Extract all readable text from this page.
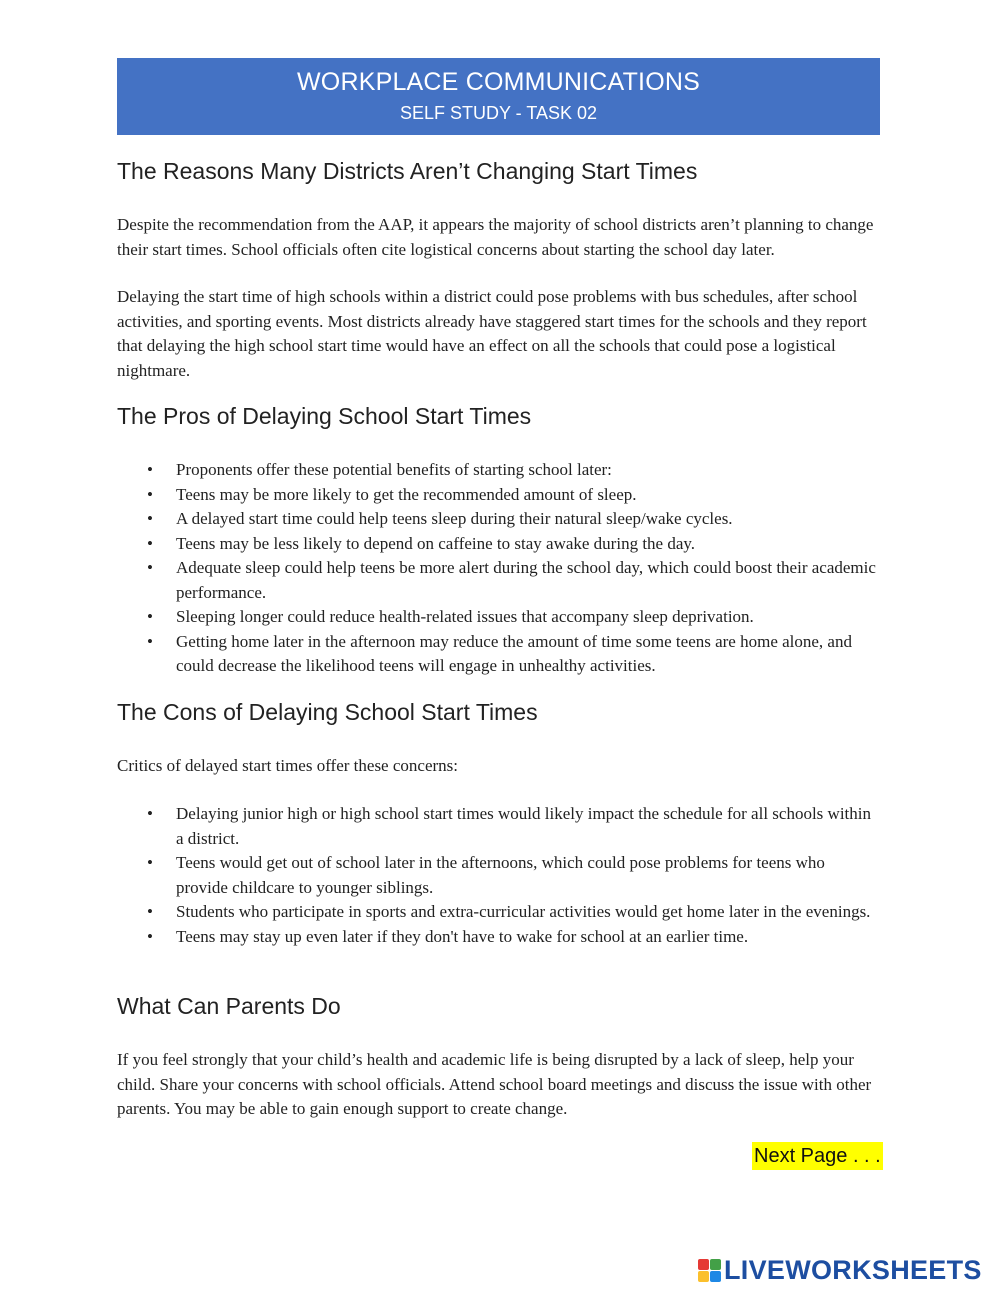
WORKPLACE COMMUNICATIONS
SELF STUDY - TASK 02
The Reasons Many Districts Aren’t Changing Start Times

Despite the recommendation from the AAP, it appears the majority of school districts aren’t planning to change their start times. School officials often cite logistical concerns about starting the school day later.

Delaying the start time of high schools within a district could pose problems with bus schedules, after school activities, and sporting events. Most districts already have staggered start times for the schools and they report that delaying the high school start time would have an effect on all the schools that could pose a logistical nightmare.

The Pros of Delaying School Start Times
• Proponents offer these potential benefits of starting school later:
• Teens may be more likely to get the recommended amount of sleep.
• A delayed start time could help teens sleep during their natural sleep/wake cycles.
• Teens may be less likely to depend on caffeine to stay awake during the day.
• Adequate sleep could help teens be more alert during the school day, which could boost their academic performance.
• Sleeping longer could reduce health-related issues that accompany sleep deprivation.
• Getting home later in the afternoon may reduce the amount of time some teens are home alone, and could decrease the likelihood teens will engage in unhealthy activities.
The Cons of Delaying School Start Times

Critics of delayed start times offer these concerns:

• Delaying junior high or high school start times would likely impact the schedule for all schools within a district.
• Teens would get out of school later in the afternoons, which could pose problems for teens who provide childcare to younger siblings.
• Students who participate in sports and extra-curricular activities would get home later in the evenings.
• Teens may stay up even later if they don't have to wake for school at an earlier time.
What Can Parents Do

If you feel strongly that your child’s health and academic life is being disrupted by a lack of sleep, help your child. Share your concerns with school officials. Attend school board meetings and discuss the issue with other parents. You may be able to gain enough support to create change.

Next Page . . .
LIVEWORKSHEETS
